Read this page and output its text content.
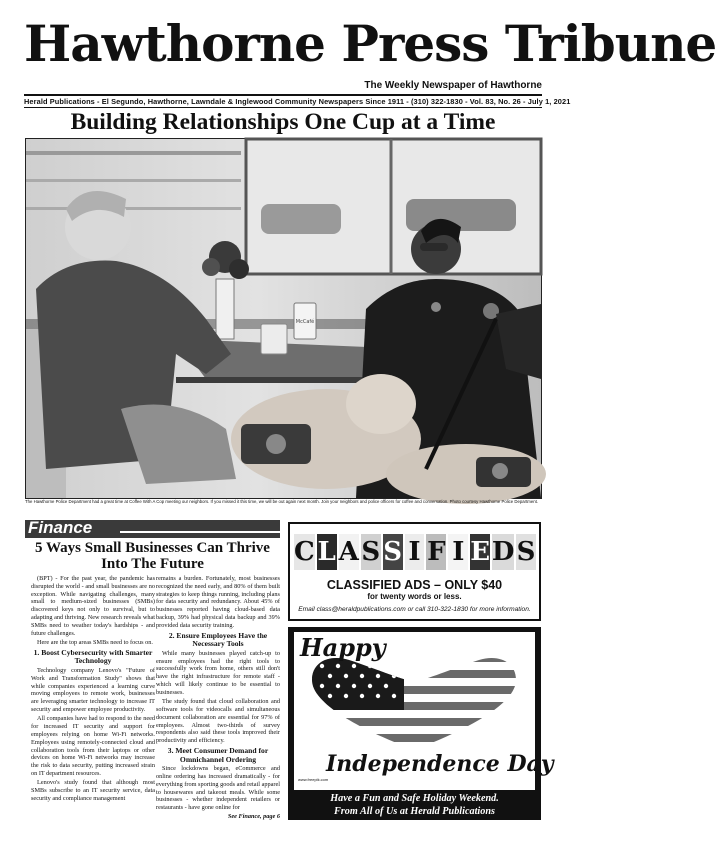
Hawthorne Press Tribune
The Weekly Newspaper of Hawthorne
Herald Publications - El Segundo, Hawthorne, Lawndale & Inglewood Community Newspapers Since 1911 - (310) 322-1830 - Vol. 83, No. 26 - July 1, 2021
Building Relationships One Cup at a Time
McCafé
The Hawthorne Police Department had a great time at Coffee With A Cop meeting our neighbors. If you missed it this time, we will be out again next month. Join your neighbors and police officers for coffee and conversation. Photo courtesy Hawthorne Police Department.
Finance
5 Ways Small Businesses Can Thrive Into The Future

(BPT) - For the past year, the pandemic has disrupted the world - and small businesses are no exception. While navigating challenges, many small to medium-sized businesses (SMBs) discovered keys not only to survival, but to adapting and thriving. New research reveals what SMBs need to weather today's hardships - and future challenges.

Here are the top areas SMBs need to focus on.

1. Boost Cybersecurity with Smarter Technology

Technology company Lenovo's "Future of Work and Transformation Study" shows that while companies experienced a learning curve moving employees to remote work, businesses are leveraging smarter technology to increase IT security and empower employee productivity.

All companies have had to respond to the need for increased IT security and support for employees relying on home Wi-Fi networks. Employees using remotely-connected cloud and collaboration tools from their laptops or other devices on home Wi-Fi networks may increase the risk to data security, putting increased strain on IT department resources.

Lenovo's study found that although most SMBs subscribe to an IT security service, data security and compliance management

remains a burden. Fortunately, most businesses recognized the need early, and 80% of them built strategies to keep things running, including plans for data security and redundancy. About 45% of businesses reported having cloud-based data backup, 39% had physical data backup and 39% provided data security training.

2. Ensure Employees Have the Necessary Tools

While many businesses played catch-up to ensure employees had the right tools to successfully work from home, others still don't have the right infrastructure for remote staff - which will likely continue to be essential to businesses.

The study found that cloud collaboration and software tools for videocalls and simultaneous document collaboration are essential for 97% of employees. Almost two-thirds of survey respondents also said these tools improved their productivity and efficiency.

3. Meet Consumer Demand for Omnichannel Ordering

Since lockdowns began, eCommerce and online ordering has increased dramatically - for everything from sporting goods and retail apparel to housewares and takeout meals. While some businesses - whether independent retailers or restaurants - have gone online for

See Finance, page 6
C L A S S I F I E D S
CLASSIFIED ADS – ONLY $40
for twenty words or less.
Email class@heraldpublications.com or call 310-322-1830 for more information.
Happy
Independence Day
www.freepik.com
Have a Fun and Safe Holiday Weekend.
From All of Us at Herald Publications
